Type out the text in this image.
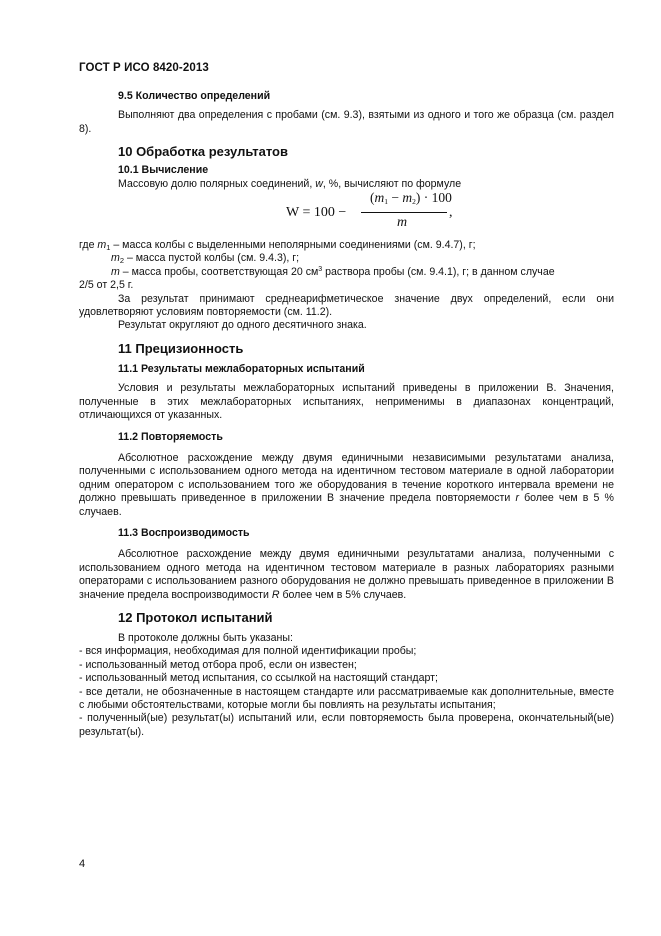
ГОСТ Р ИСО 8420-2013

9.5 Количество определений

Выполняют два определения с пробами (см. 9.3), взятыми из одного и того же образца (см. раздел 8).

10 Обработка результатов

10.1 Вычисление

Массовую долю полярных соединений, w, %, вычисляют по формуле

W = 100 −
$(m_1 - m_2) \cdot 100$
m
,

где $m_1$ – масса колбы с выделенными неполярными соединениями (см. 9.4.7), г;

$m_2$ – масса пустой колбы (см. 9.4.3), г;

m – масса пробы, соответствующая 20 $см^3$ раствора пробы (см. 9.4.1), г; в данном случае

2/5 от 2,5 г.

За результат принимают среднеарифметическое значение двух определений, если они удовлетворяют условиям повторяемости (см. 11.2).

Результат округляют до одного десятичного знака.

11 Прецизионность

11.1 Результаты межлабораторных испытаний

Условия и результаты межлабораторных испытаний приведены в приложении В. Значения, полученные в этих межлабораторных испытаниях, неприменимы в диапазонах концентраций, отличающихся от указанных.

11.2 Повторяемость

Абсолютное расхождение между двумя единичными независимыми результатами анализа, полученными с использованием одного метода на идентичном тестовом материале в одной лаборатории одним оператором с использованием того же оборудования в течение короткого интервала времени не должно превышать приведенное в приложении В значение предела повторяемости r более чем в 5 % случаев.

11.3 Воспроизводимость

Абсолютное расхождение между двумя единичными результатами анализа, полученными с использованием одного метода на идентичном тестовом материале в разных лабораториях разными операторами с использованием разного оборудования не должно превышать приведенное в приложении В значение предела воспроизводимости R более чем в 5% случаев.

12 Протокол испытаний

В протоколе должны быть указаны:

- вся информация, необходимая для полной идентификации пробы;

- использованный метод отбора проб, если он известен;

- использованный метод испытания, со ссылкой на настоящий стандарт;

- все детали, не обозначенные в настоящем стандарте или рассматриваемые как дополнительные, вместе с любыми обстоятельствами, которые могли бы повлиять на результаты испытания;

- полученный(ые) результат(ы) испытаний или, если повторяемость была проверена, окончательный(ые) результат(ы).

4
